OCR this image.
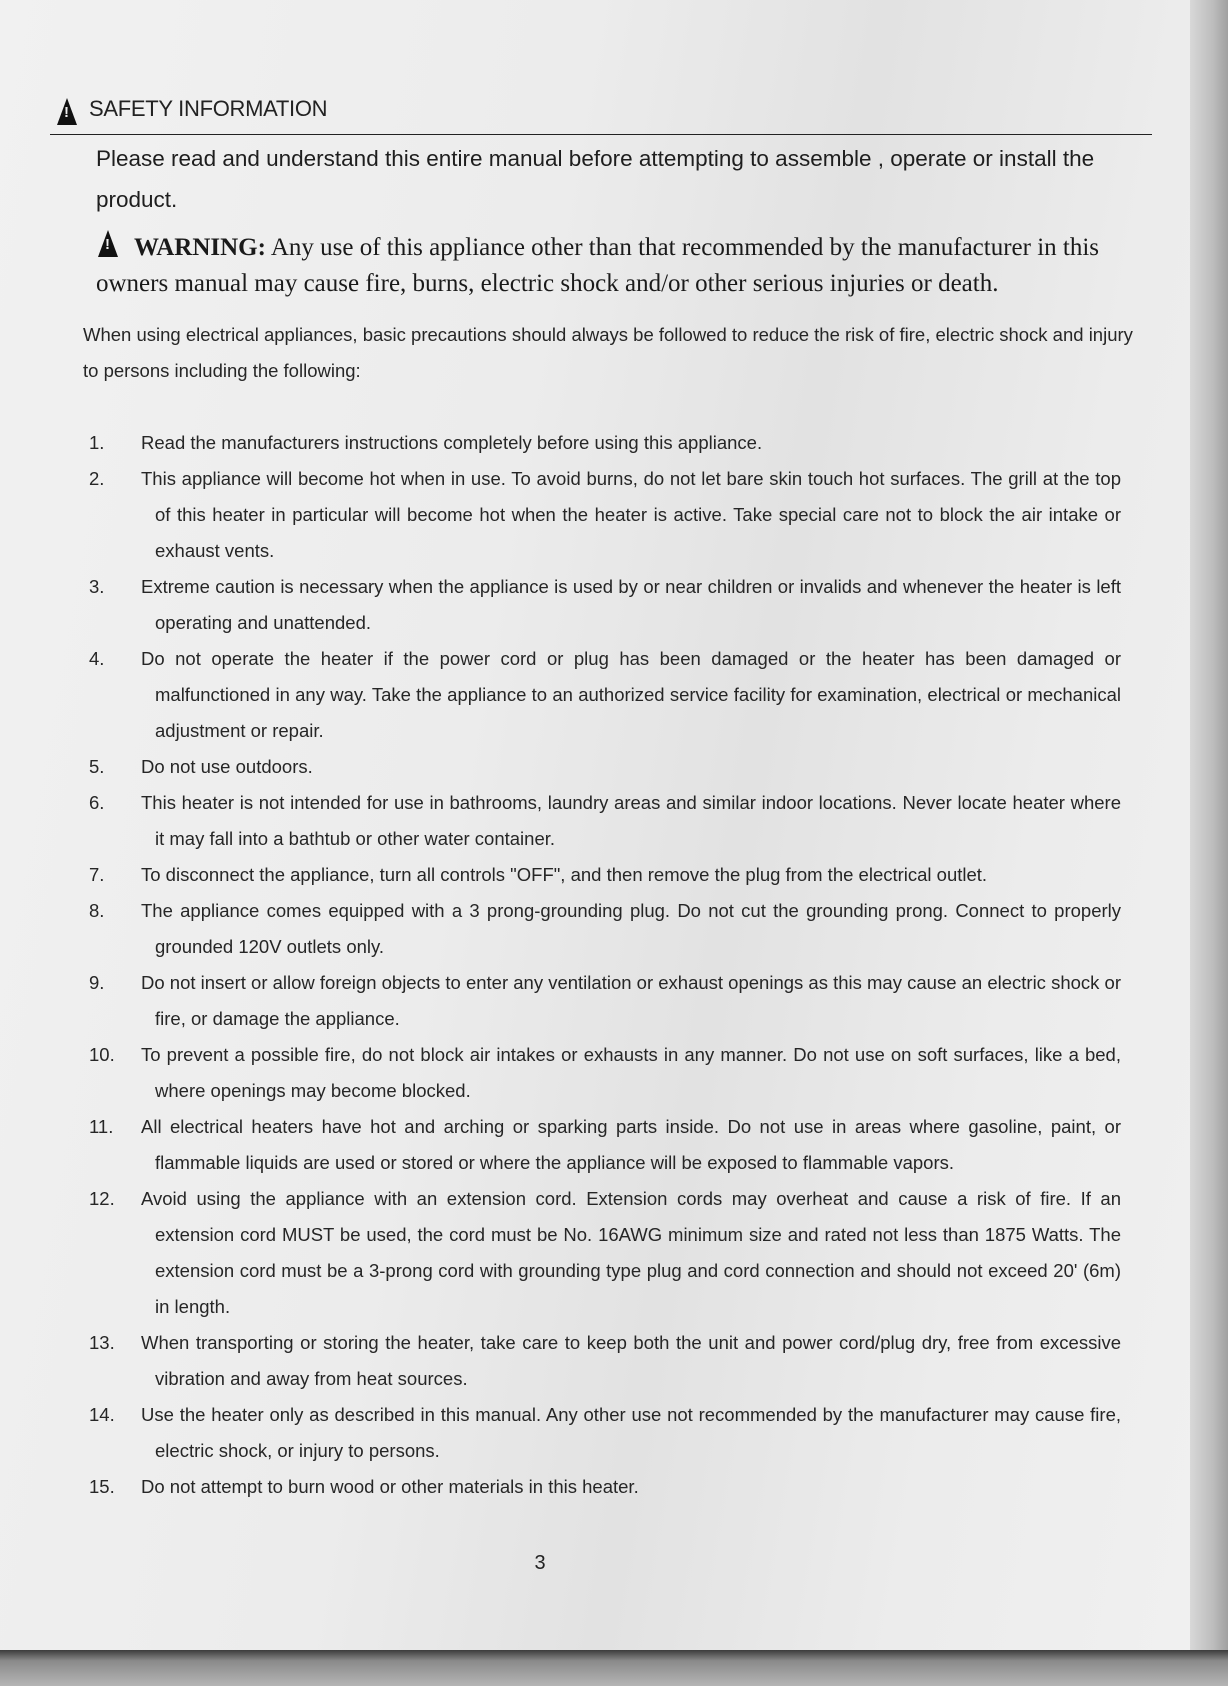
!
SAFETY INFORMATION
Please read and understand this entire manual before attempting to assemble , operate or install the product.
!WARNING: Any use of this appliance other than that recommended by the manufacturer in this owners manual may cause fire, burns, electric shock and/or other serious injuries or death.
When using electrical appliances, basic precautions should always be followed to reduce the risk of fire, electric shock and injury to persons including the following:
1.	Read the manufacturers instructions completely before using this appliance.
2.	This appliance will become hot when in use. To avoid burns, do not let bare skin touch hot surfaces. The grill at the top of this heater in particular will become hot when the heater is active. Take special care not to block the air intake or exhaust vents.
3.	Extreme caution is necessary when the appliance is used by or near children or invalids and whenever the heater is left operating and unattended.
4.	Do not operate the heater if the power cord or plug has been damaged or the heater has been damaged or malfunctioned in any way. Take the appliance to an authorized service facility for examination, electrical or mechanical adjustment or repair.
5.	Do not use outdoors.
6.	This heater is not intended for use in bathrooms, laundry areas and similar indoor locations. Never locate heater where it may fall into a bathtub or other water container.
7.	To disconnect the appliance, turn all controls "OFF", and then remove the plug from the electrical outlet.
8.	The appliance comes equipped with a 3 prong-grounding plug. Do not cut the grounding prong. Connect to properly grounded 120V outlets only.
9.	Do not insert or allow foreign objects to enter any ventilation or exhaust openings as this may cause an electric shock or fire, or damage the appliance.
10.	To prevent a possible fire, do not block air intakes or exhausts in any manner. Do not use on soft surfaces, like a bed, where openings may become blocked.
11.	All electrical heaters have hot and arching or sparking parts inside. Do not use in areas where gasoline, paint, or flammable liquids are used or stored or where the appliance will be exposed to flammable vapors.
12.	Avoid using the appliance with an extension cord. Extension cords may overheat and cause a risk of fire. If an extension cord MUST be used, the cord must be No. 16AWG minimum size and rated not less than 1875 Watts. The extension cord must be a 3-prong cord with grounding type plug and cord connection and should not exceed 20' (6m) in length.
13.	When transporting or storing the heater, take care to keep both the unit and power cord/plug dry, free from excessive vibration and away from heat sources.
14.	Use the heater only as described in this manual. Any other use not recommended by the manufacturer may cause fire, electric shock, or injury to persons.
15.	Do not attempt to burn wood or other materials in this heater.
3
